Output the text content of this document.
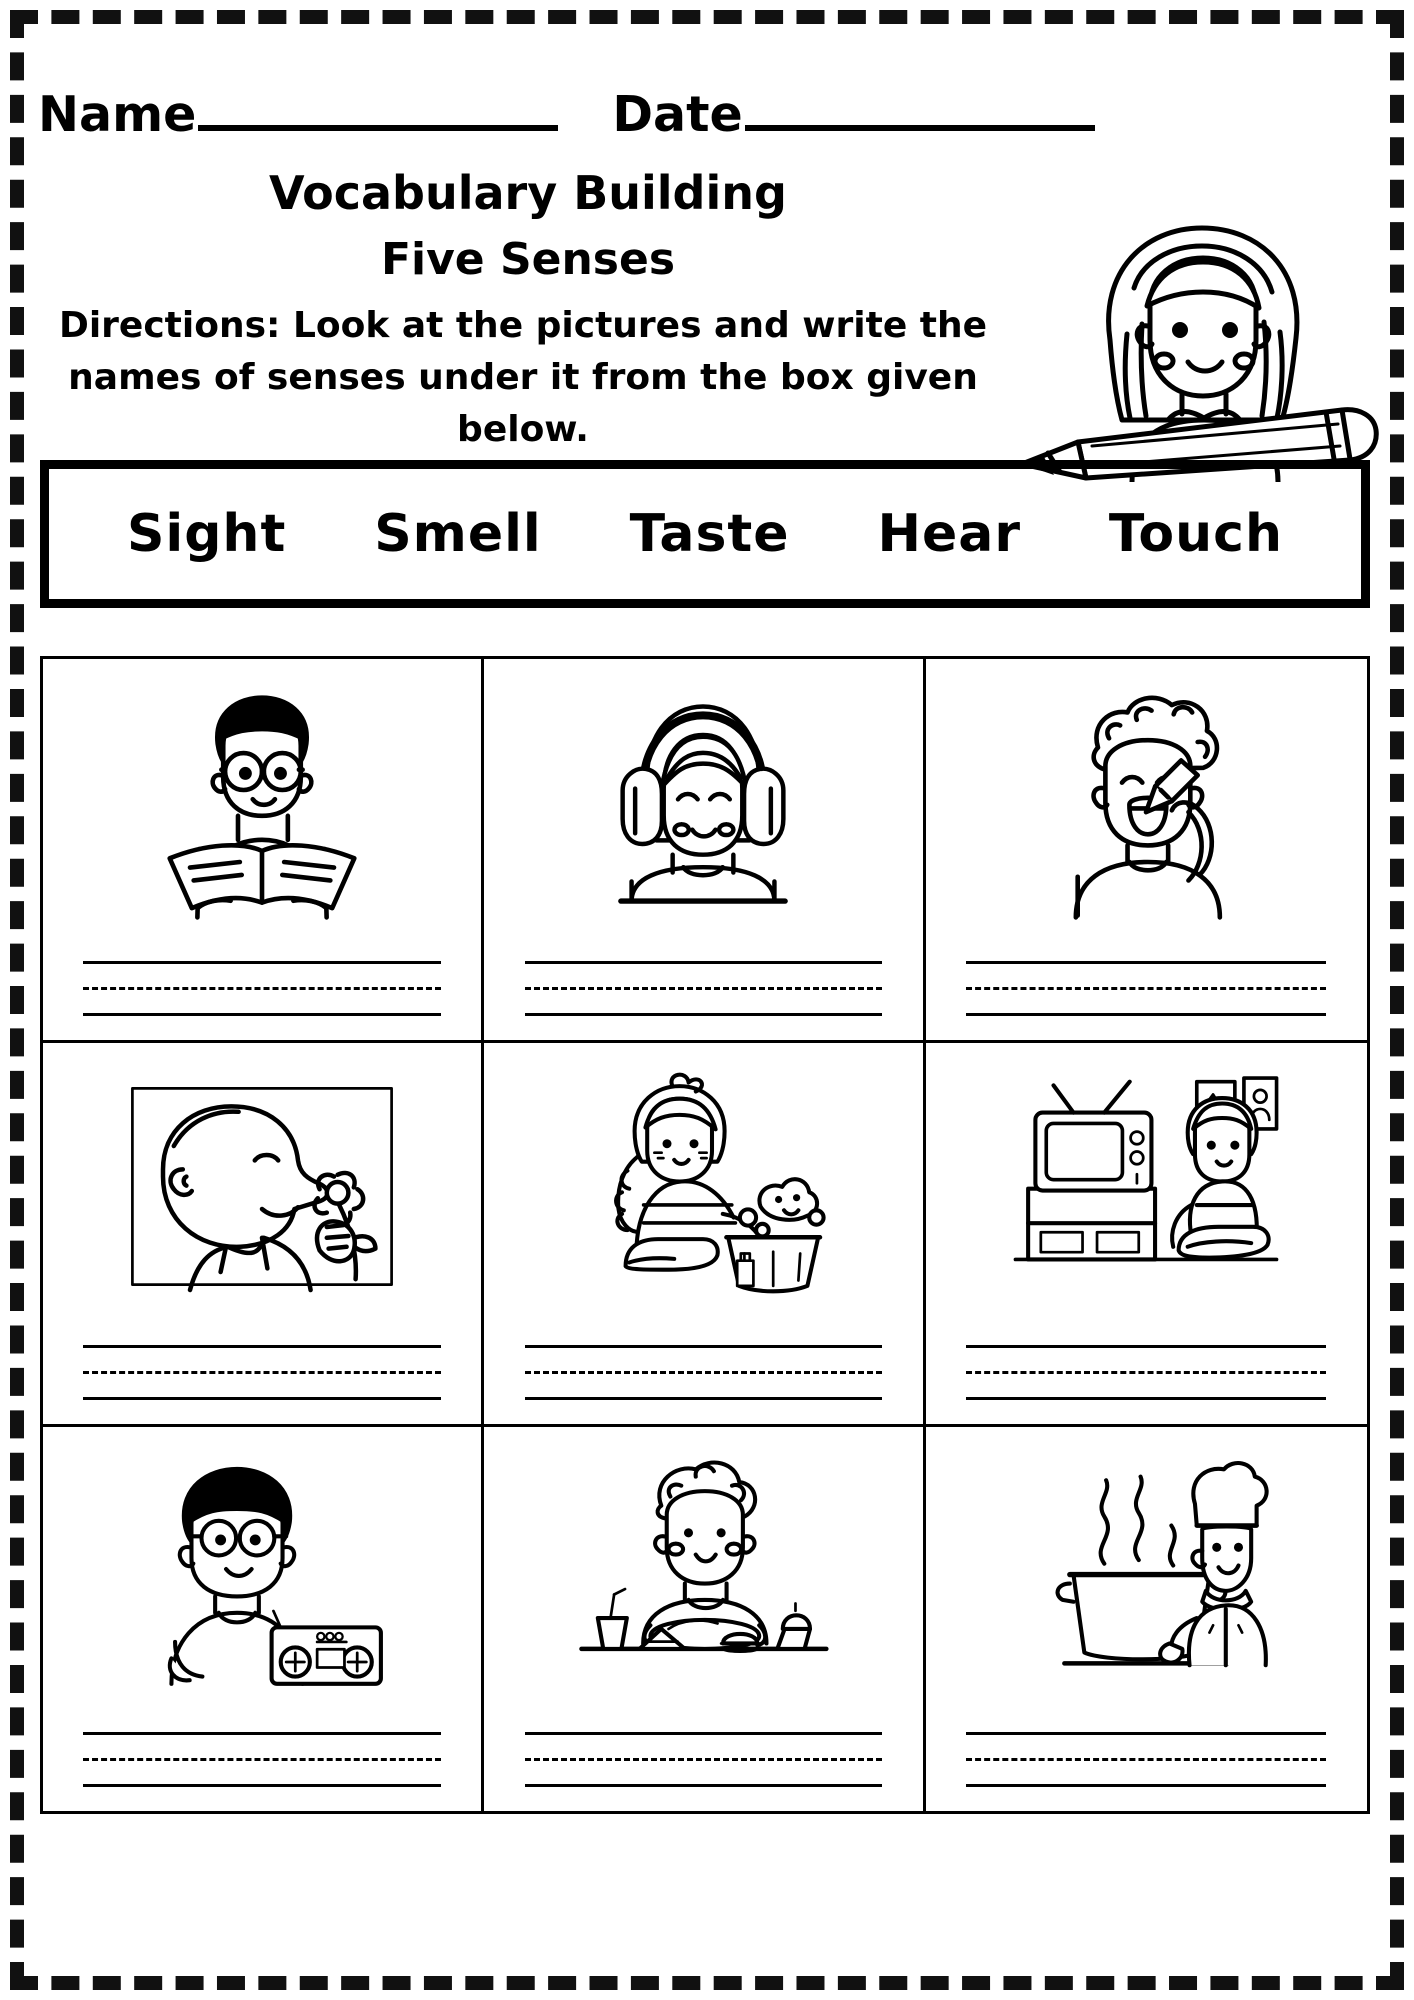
Name	Date
Vocabulary Building
Five Senses
Directions: Look at the pictures and write the names of senses under it from the box given below.
Sight Smell Taste Hear Touch
